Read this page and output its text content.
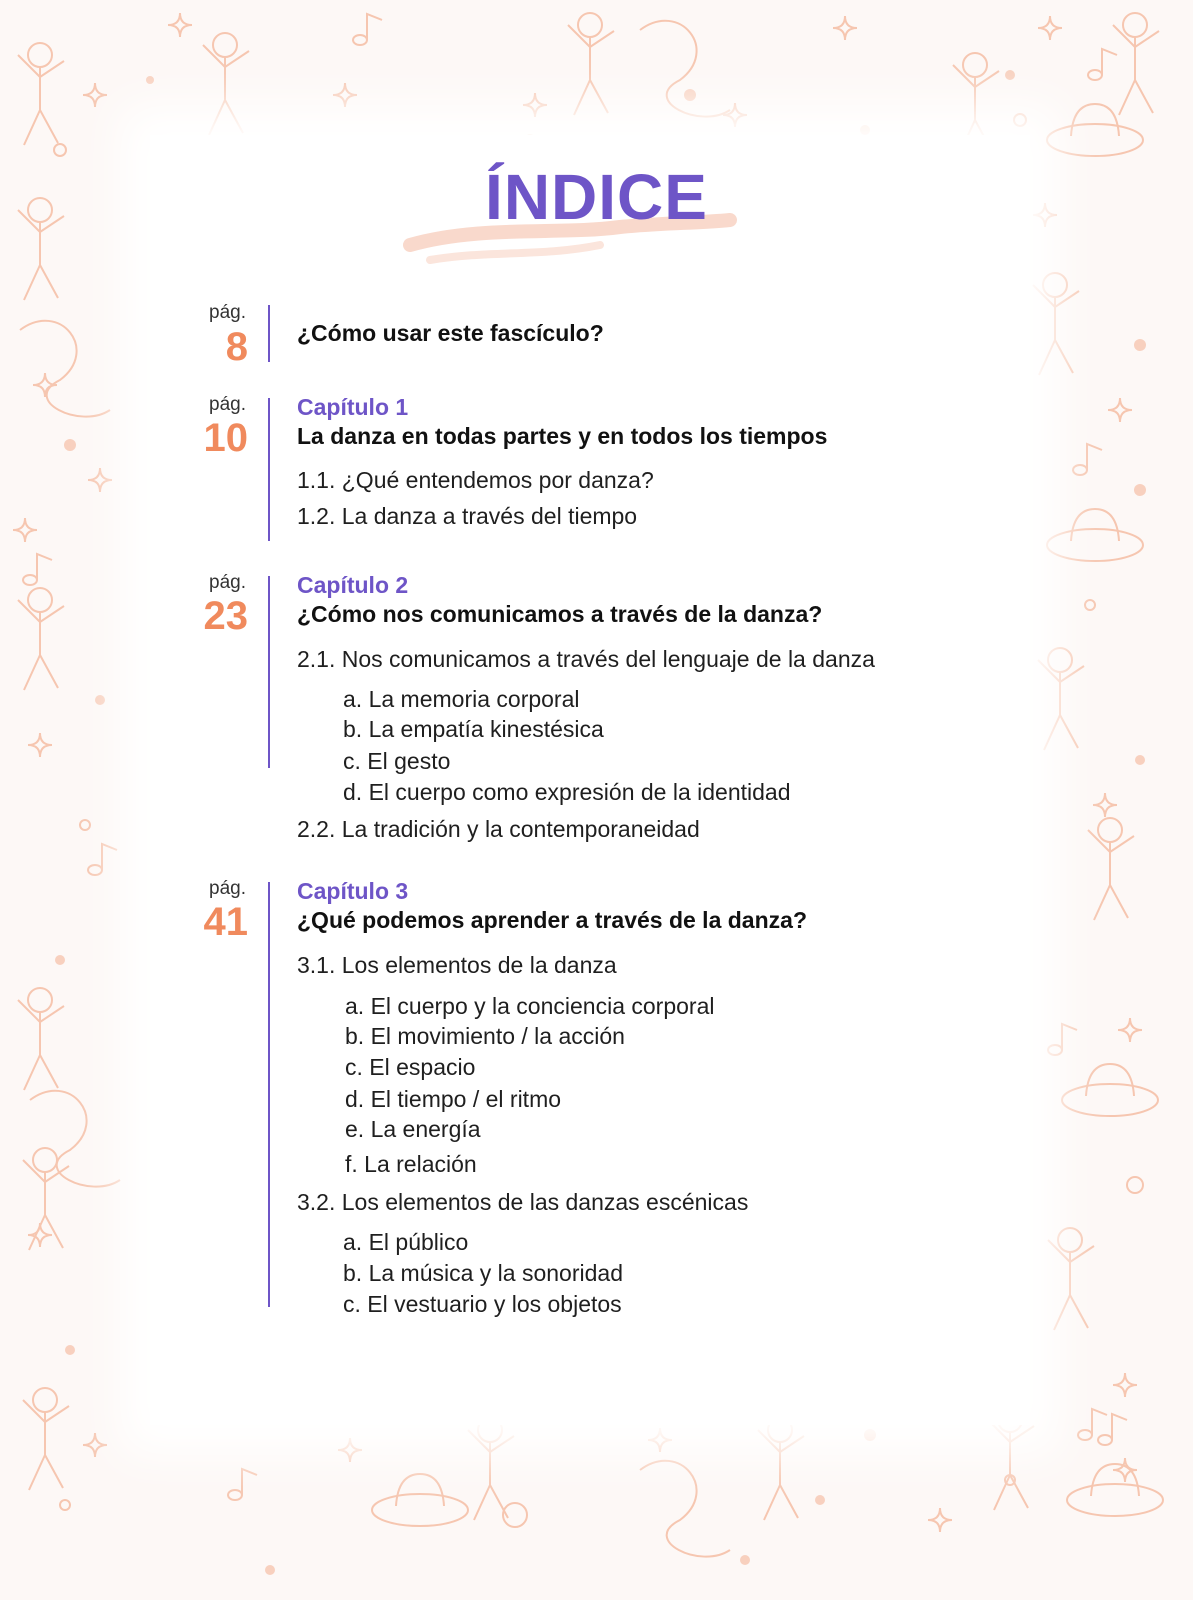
ÍNDICE
pág.
8 ¿Cómo usar este fascículo?
pág.
10
Capítulo 1
La danza en todas partes y en todos los tiempos
1.1. ¿Qué entendemos por danza?
1.2. La danza a través del tiempo
pág.
23
Capítulo 2
¿Cómo nos comunicamos a través de la danza?
2.1. Nos comunicamos a través del lenguaje de la danza
a. La memoria corporal
b. La empatía kinestésica
c. El gesto
d. El cuerpo como expresión de la identidad
2.2. La tradición y la contemporaneidad
pág.
41
Capítulo 3
¿Qué podemos aprender a través de la danza?
3.1. Los elementos de la danza
a. El cuerpo y la conciencia corporal
b. El movimiento / la acción
c. El espacio
d. El tiempo / el ritmo
e. La energía
f. La relación
3.2. Los elementos de las danzas escénicas
a. El público
b. La música y la sonoridad
c. El vestuario y los objetos
